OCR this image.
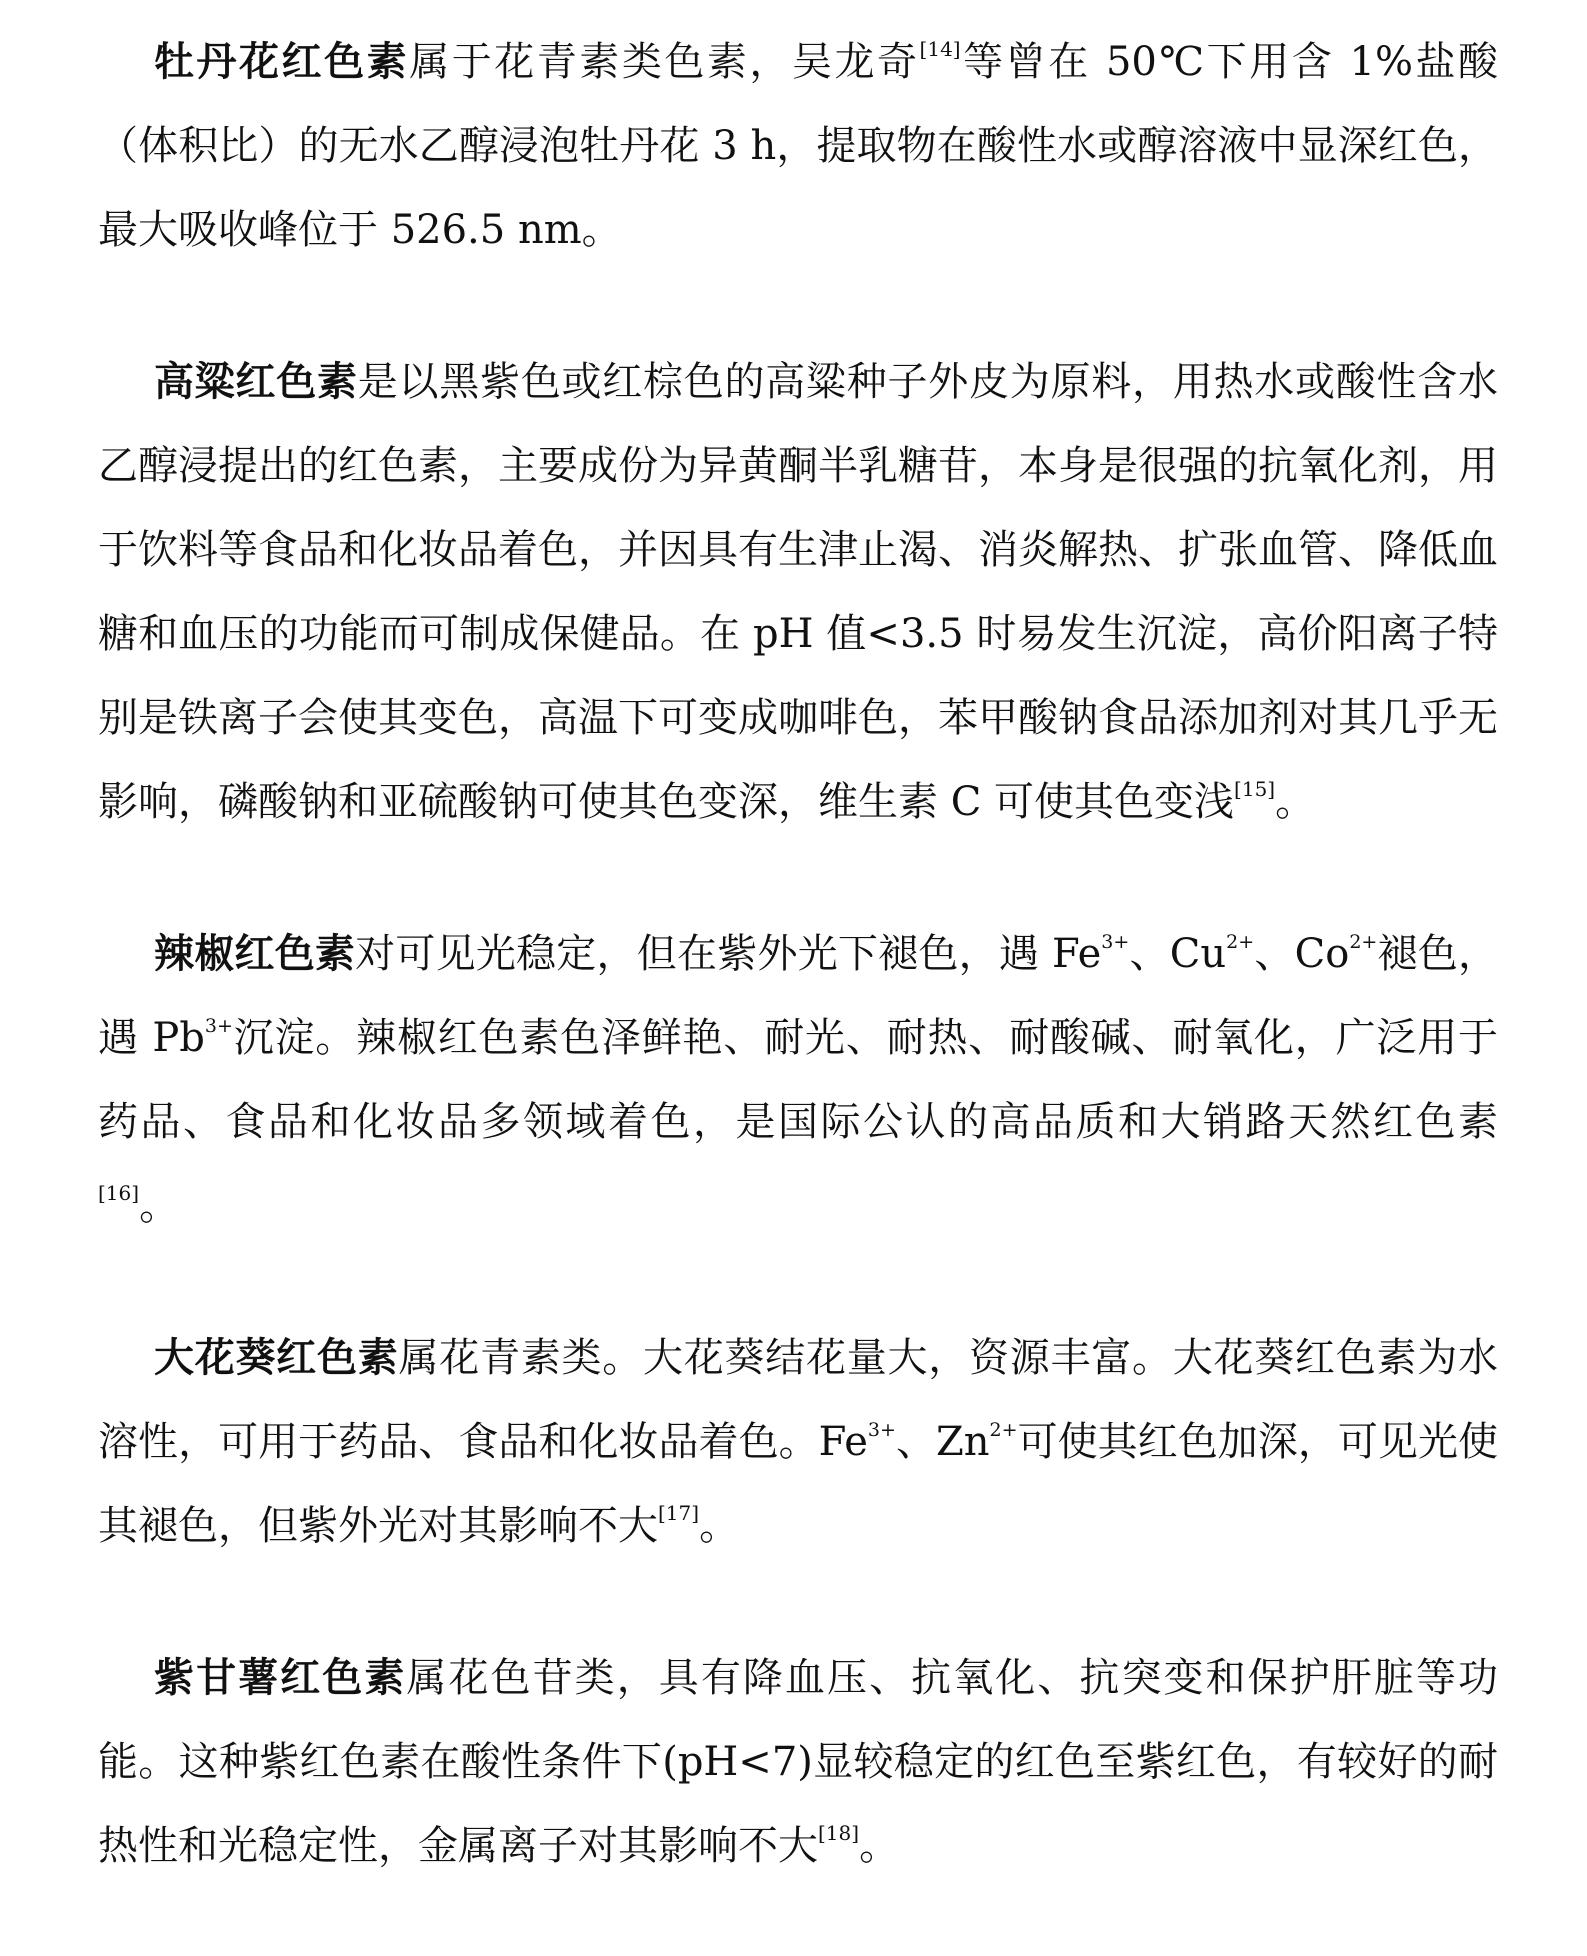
牡丹花红色素属于花青素类色素，吴龙奇[14]等曾在 50℃下用含 1%盐酸（体积比）的无水乙醇浸泡牡丹花 3 h，提取物在酸性水或醇溶液中显深红色，最大吸收峰位于 526.5 nm。

高粱红色素是以黑紫色或红棕色的高粱种子外皮为原料，用热水或酸性含水乙醇浸提出的红色素，主要成份为异黄酮半乳糖苷，本身是很强的抗氧化剂，用于饮料等食品和化妆品着色，并因具有生津止渴、消炎解热、扩张血管、降低血糖和血压的功能而可制成保健品。在 pH 值<3.5 时易发生沉淀，高价阳离子特别是铁离子会使其变色，高温下可变成咖啡色，苯甲酸钠食品添加剂对其几乎无影响，磷酸钠和亚硫酸钠可使其色变深，维生素 C 可使其色变浅[15]。

辣椒红色素对可见光稳定，但在紫外光下褪色，遇 $Fe^{3+}$、$Cu^{2+}$、$Co^{2+}$褪色，遇 $Pb^{3+}$沉淀。辣椒红色素色泽鲜艳、耐光、耐热、耐酸碱、耐氧化，广泛用于药品、食品和化妆品多领域着色，是国际公认的高品质和大销路天然红色素[16]。

大花葵红色素属花青素类。大花葵结花量大，资源丰富。大花葵红色素为水溶性，可用于药品、食品和化妆品着色。$Fe^{3+}$、$Zn^{2+}$可使其红色加深，可见光使其褪色，但紫外光对其影响不大[17]。

紫甘薯红色素属花色苷类，具有降血压、抗氧化、抗突变和保护肝脏等功能。这种紫红色素在酸性条件下(pH<7)显较稳定的红色至紫红色，有较好的耐热性和光稳定性，金属离子对其影响不大[18]。
